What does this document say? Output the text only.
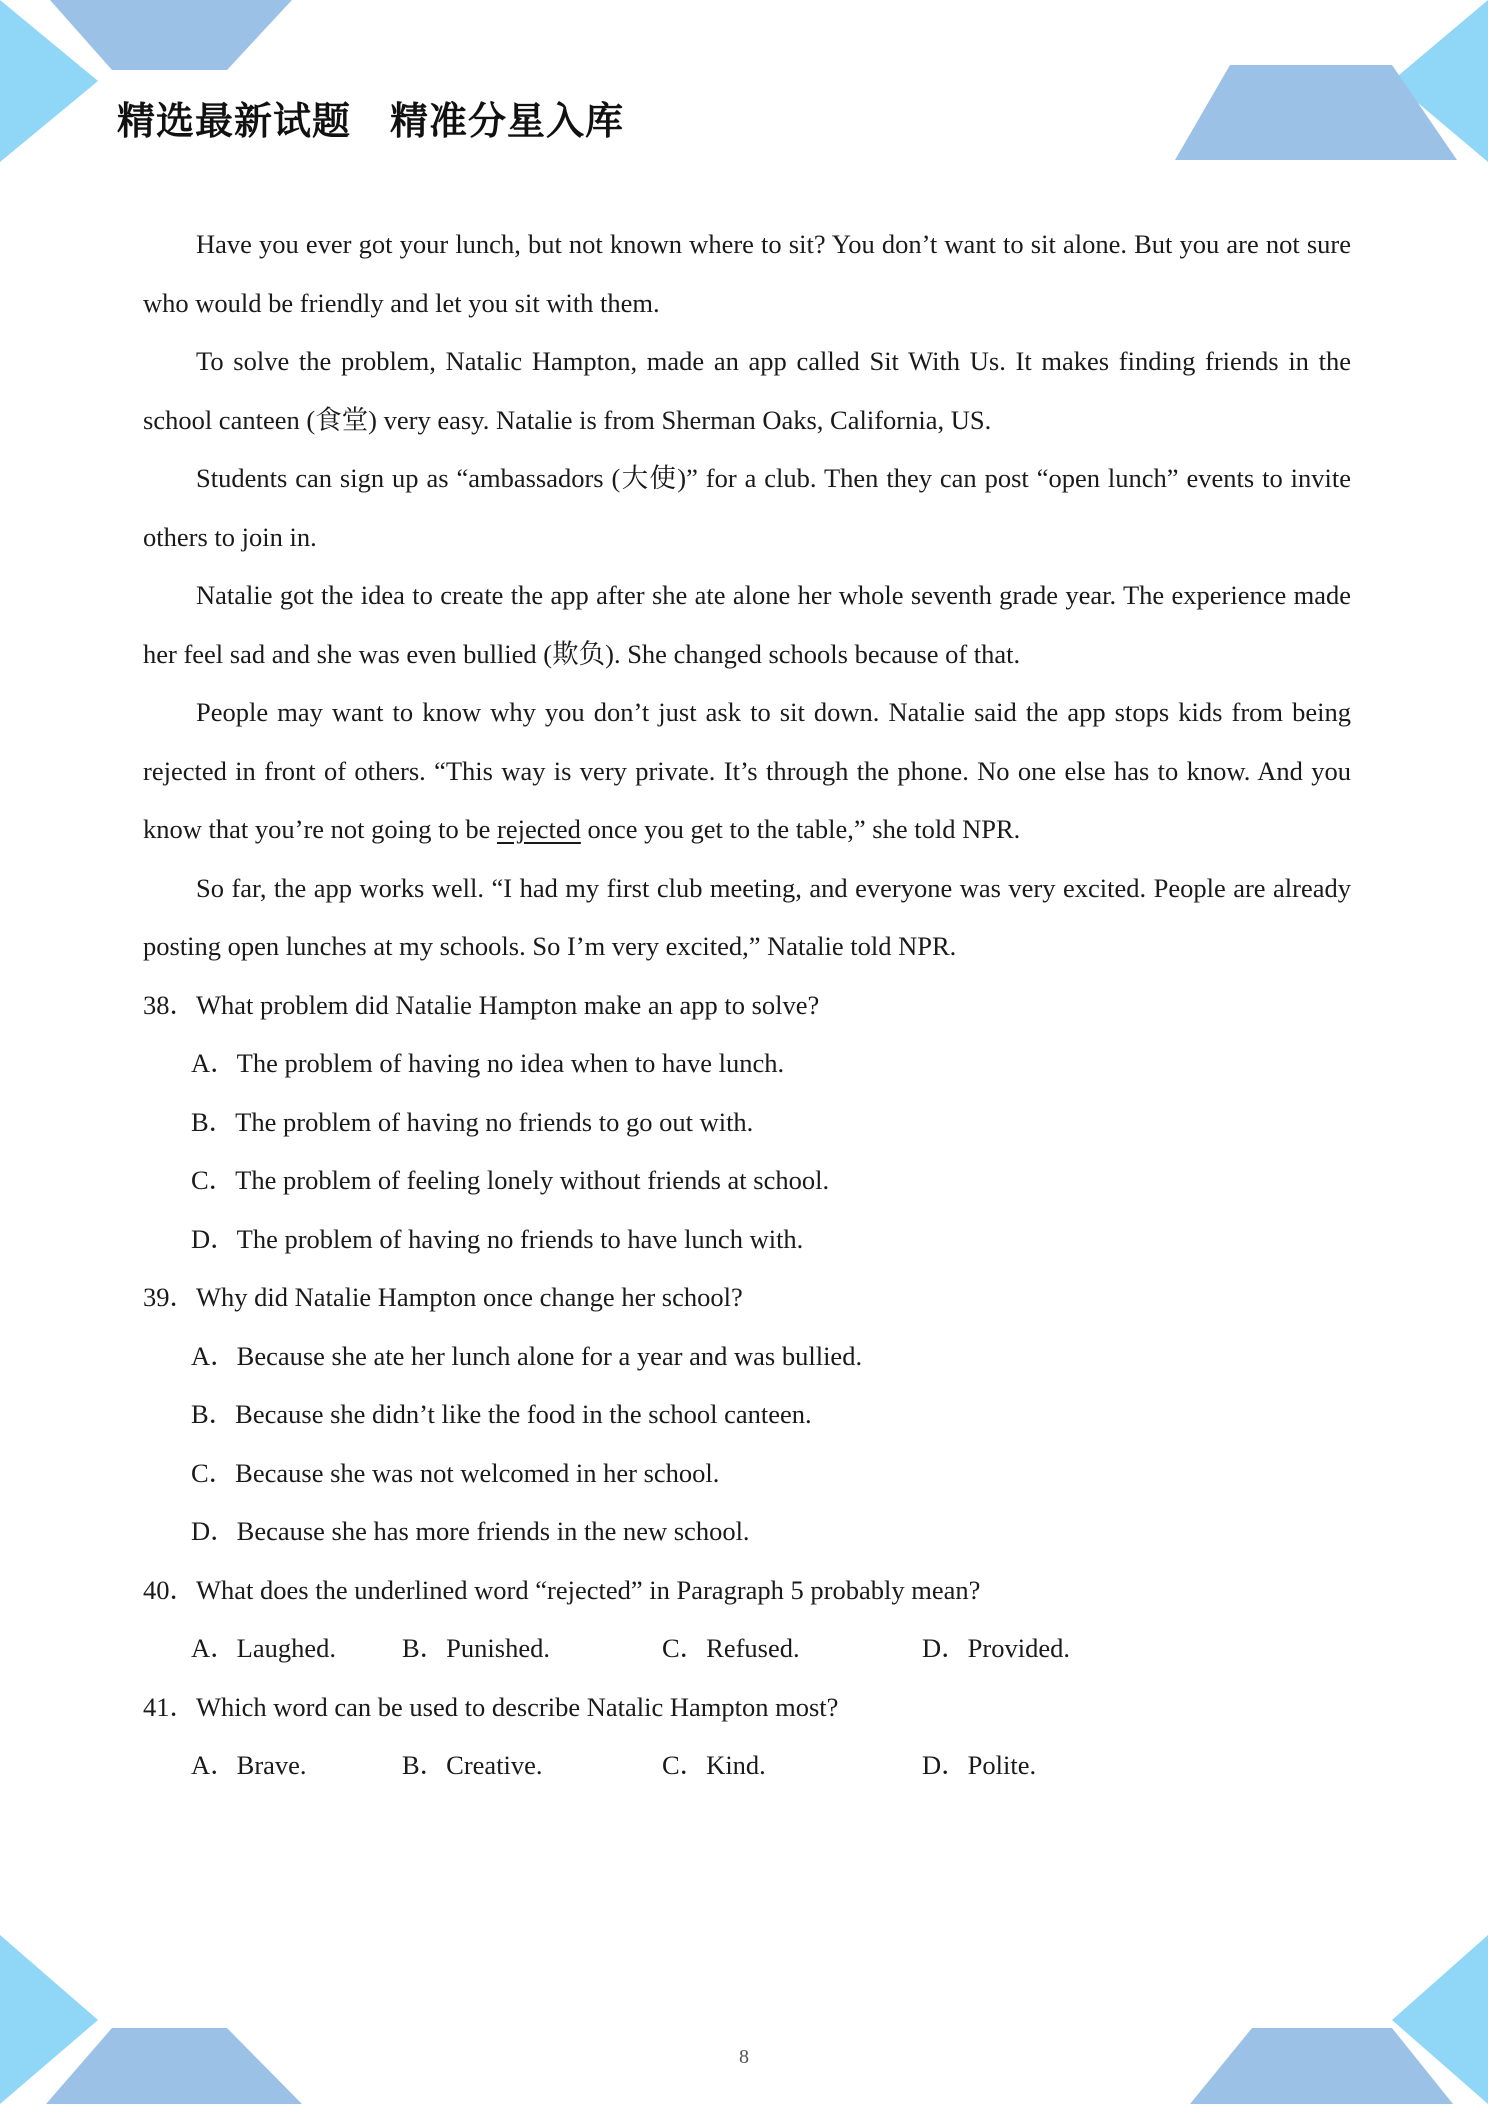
精选最新试题　精准分星入库

Have you ever got your lunch, but not known where to sit? You don’t want to sit alone. But you are not sure who would be friendly and let you sit with them.

To solve the problem, Natalic Hampton, made an app called Sit With Us. It makes finding friends in the school canteen (食堂) very easy. Natalie is from Sherman Oaks, California, US.

Students can sign up as “ambassadors (大使)” for a club. Then they can post “open lunch” events to invite others to join in.

Natalie got the idea to create the app after she ate alone her whole seventh grade year. The experience made her feel sad and she was even bullied (欺负). She changed schools because of that.

People may want to know why you don’t just ask to sit down. Natalie said the app stops kids from being rejected in front of others. “This way is very private. It’s through the phone. No one else has to know. And you know that you’re not going to be rejected once you get to the table,” she told NPR.

So far, the app works well. “I had my first club meeting, and everyone was very excited. People are already posting open lunches at my schools. So I’m very excited,” Natalie told NPR.

38．What problem did Natalie Hampton make an app to solve?

A．The problem of having no idea when to have lunch.

B．The problem of having no friends to go out with.

C．The problem of feeling lonely without friends at school.

D．The problem of having no friends to have lunch with.

39．Why did Natalie Hampton once change her school?

A．Because she ate her lunch alone for a year and was bullied.

B．Because she didn’t like the food in the school canteen.

C．Because she was not welcomed in her school.

D．Because she has more friends in the new school.

40．What does the underlined word “rejected” in Paragraph 5 probably mean?

A．Laughed.	B．Punished.	C．Refused.	D．Provided.

41．Which word can be used to describe Natalic Hampton most?

A．Brave.	B．Creative.	C．Kind.	D．Polite.
8
